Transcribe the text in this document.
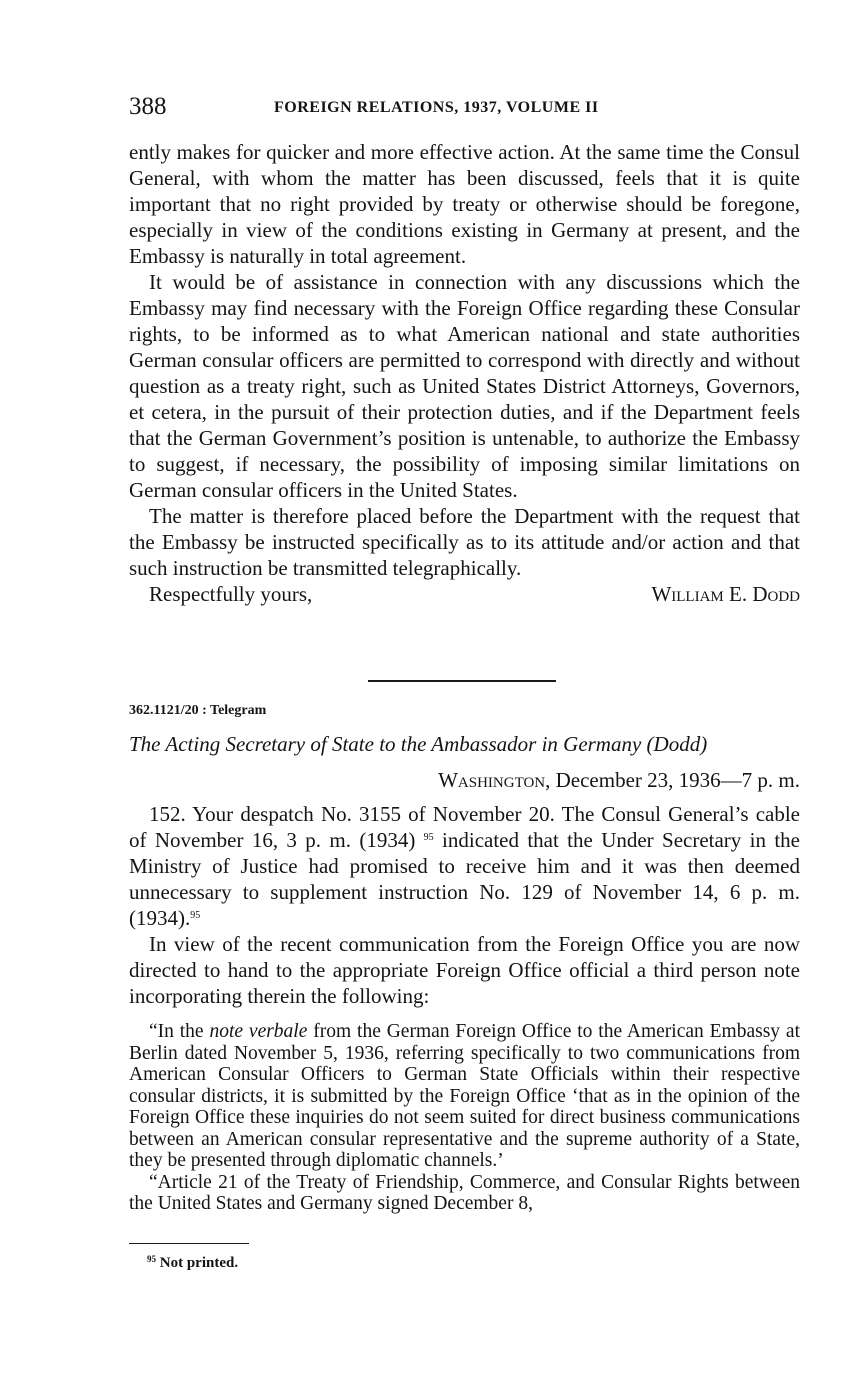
388	FOREIGN RELATIONS, 1937, VOLUME II

ently makes for quicker and more effective action. At the same time the Consul General, with whom the matter has been discussed, feels that it is quite important that no right provided by treaty or otherwise should be foregone, especially in view of the conditions existing in Germany at present, and the Embassy is naturally in total agreement.

It would be of assistance in connection with any discussions which the Embassy may find necessary with the Foreign Office regarding these Consular rights, to be informed as to what American national and state authorities German consular officers are permitted to correspond with directly and without question as a treaty right, such as United States District Attorneys, Governors, et cetera, in the pursuit of their protection duties, and if the Department feels that the German Government’s position is untenable, to authorize the Embassy to suggest, if necessary, the possibility of imposing similar limitations on German consular officers in the United States.

The matter is therefore placed before the Department with the request that the Embassy be instructed specifically as to its attitude and/or action and that such instruction be transmitted telegraphically.

Respectfully yours,	William E. Dodd
362.1121/20 : Telegram
The Acting Secretary of State to the Ambassador in Germany (Dodd)
Washington, December 23, 1936—7 p. m.

152. Your despatch No. 3155 of November 20. The Consul General’s cable of November 16, 3 p. m. (1934) $^{95}$ indicated that the Under Secretary in the Ministry of Justice had promised to receive him and it was then deemed unnecessary to supplement instruction No. 129 of November 14, 6 p. m. (1934).$^{95}$

In view of the recent communication from the Foreign Office you are now directed to hand to the appropriate Foreign Office official a third person note incorporating therein the following:

“In the note verbale from the German Foreign Office to the American Embassy at Berlin dated November 5, 1936, referring specifically to two communications from American Consular Officers to German State Officials within their respective consular districts, it is submitted by the Foreign Office ‘that as in the opinion of the Foreign Office these inquiries do not seem suited for direct business communications between an American consular representative and the supreme authority of a State, they be presented through diplomatic channels.’

“Article 21 of the Treaty of Friendship, Commerce, and Consular Rights between the United States and Germany signed December 8,

$^{95}$ Not printed.
